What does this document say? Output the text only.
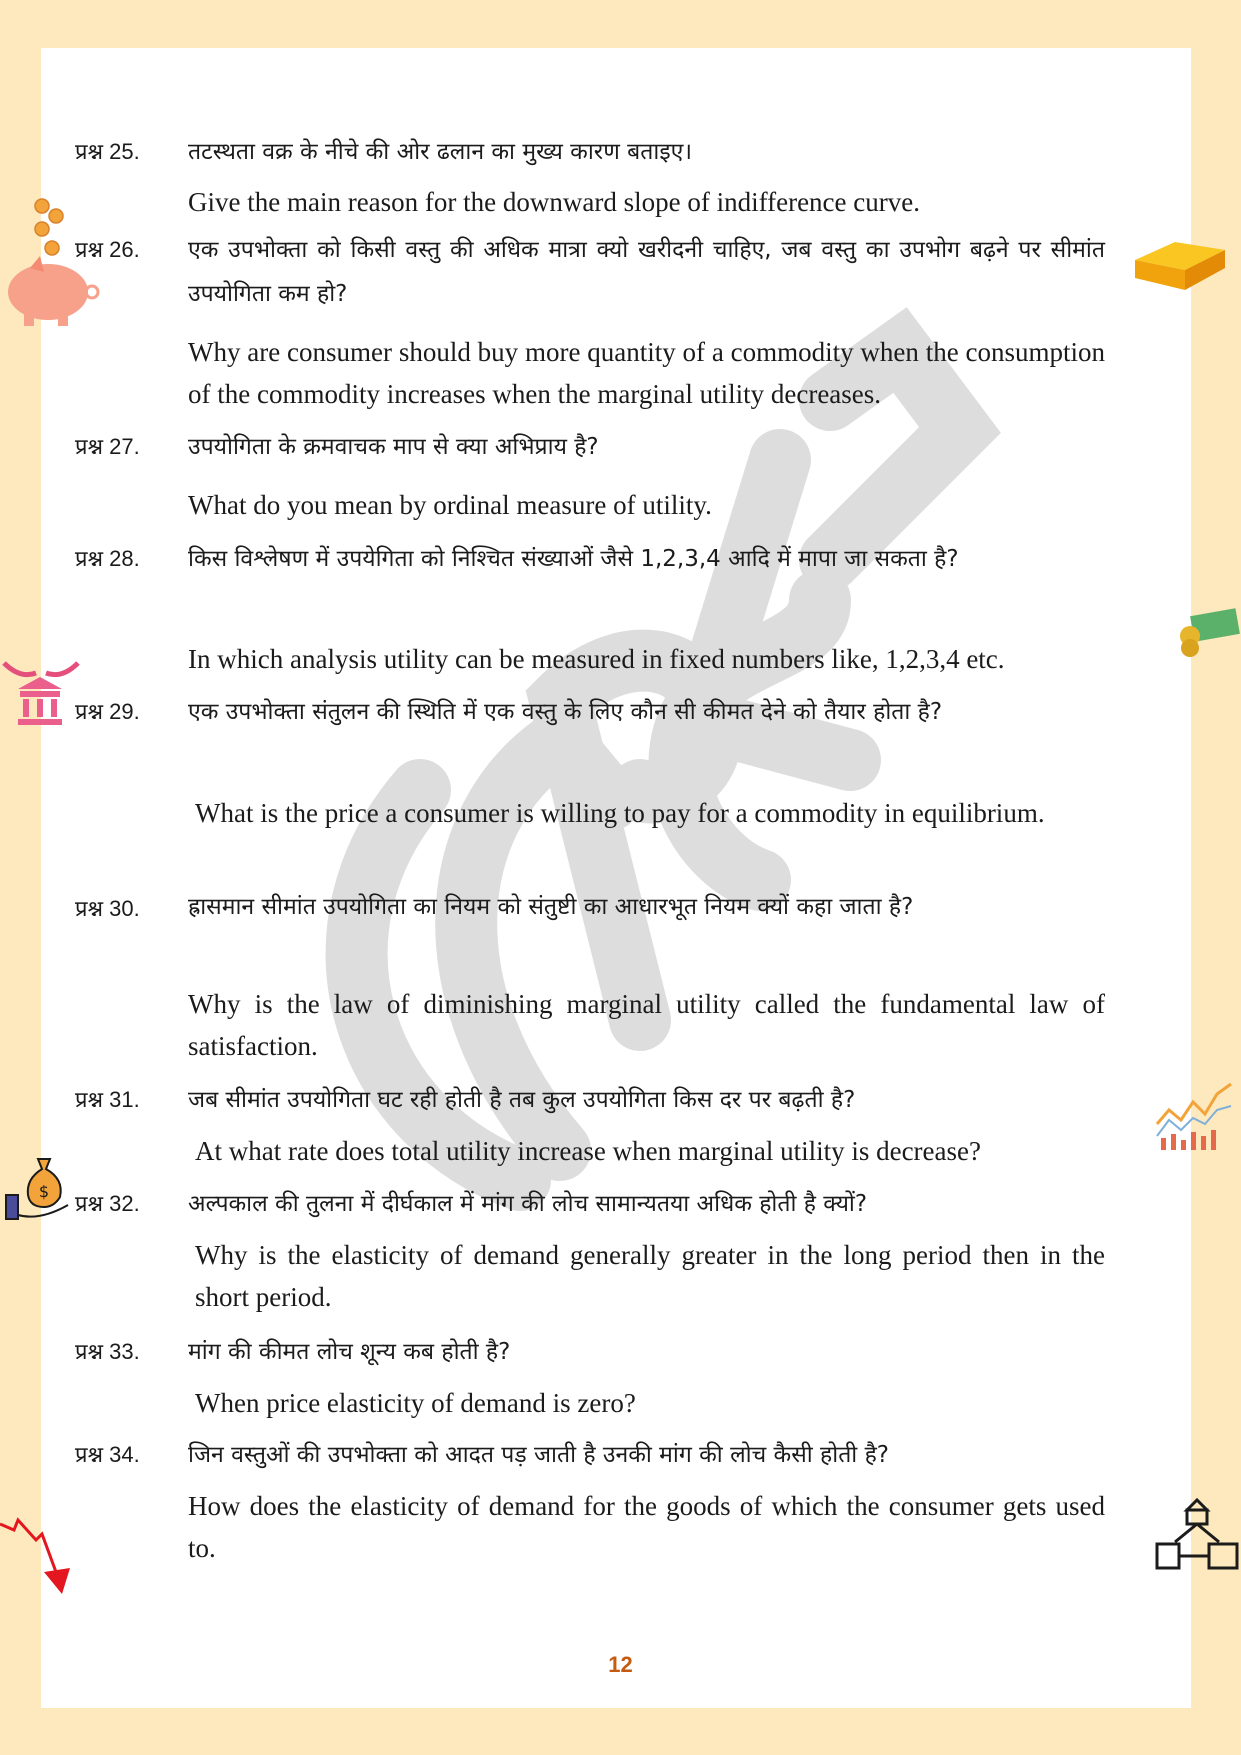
CGBSE
$
प्रश्न 25.	तटस्थता वक्र के नीचे की ओर ढलान का मुख्य कारण बताइए।
Give the main reason for the downward slope of indifference curve.
प्रश्न 26.	एक उपभोक्ता को किसी वस्तु की अधिक मात्रा क्यो खरीदनी चाहिए, जब वस्तु का उपभोग बढ़ने पर सीमांत उपयोगिता कम हो?
Why are consumer should buy more quantity of a commodity when the consumption of the commodity increases when the marginal utility decreases.
प्रश्न 27.	उपयोगिता के क्रमवाचक माप से क्या अभिप्राय है?
What do you mean by ordinal measure of utility.
प्रश्न 28.	किस विश्लेषण में उपयेगिता को निश्चित संख्याओं जैसे 1,2,3,4 आदि में मापा जा सकता है?
In which analysis utility can be measured in fixed numbers like, 1,2,3,4 etc.
प्रश्न 29.	एक उपभोक्ता संतुलन की स्थिति में एक वस्तु के लिए कौन सी कीमत देने को तैयार होता है?
What is the price a consumer is willing to pay for a commodity in equilibrium.
प्रश्न 30.	ह्रासमान सीमांत उपयोगिता का नियम को संतुष्टी का आधारभूत नियम क्यों कहा जाता है?
Why is the law of diminishing marginal utility called the fundamental law of satisfaction.
प्रश्न 31.	जब सीमांत उपयोगिता घट रही होती है तब कुल उपयोगिता किस दर पर बढ़ती है?
At what rate does total utility increase when marginal utility is decrease?
प्रश्न 32.	अल्पकाल की तुलना में दीर्घकाल में मांग की लोच सामान्यतया अधिक होती है क्यों?
Why is the elasticity of demand generally greater in the long period then in the short period.
प्रश्न 33.	मांग की कीमत लोच शून्य कब होती है?
When price elasticity of demand is zero?
प्रश्न 34.	जिन वस्तुओं की उपभोक्ता को आदत पड़ जाती है उनकी मांग की लोच कैसी होती है?
How does the elasticity of demand for the goods of which the consumer gets used to.
12
